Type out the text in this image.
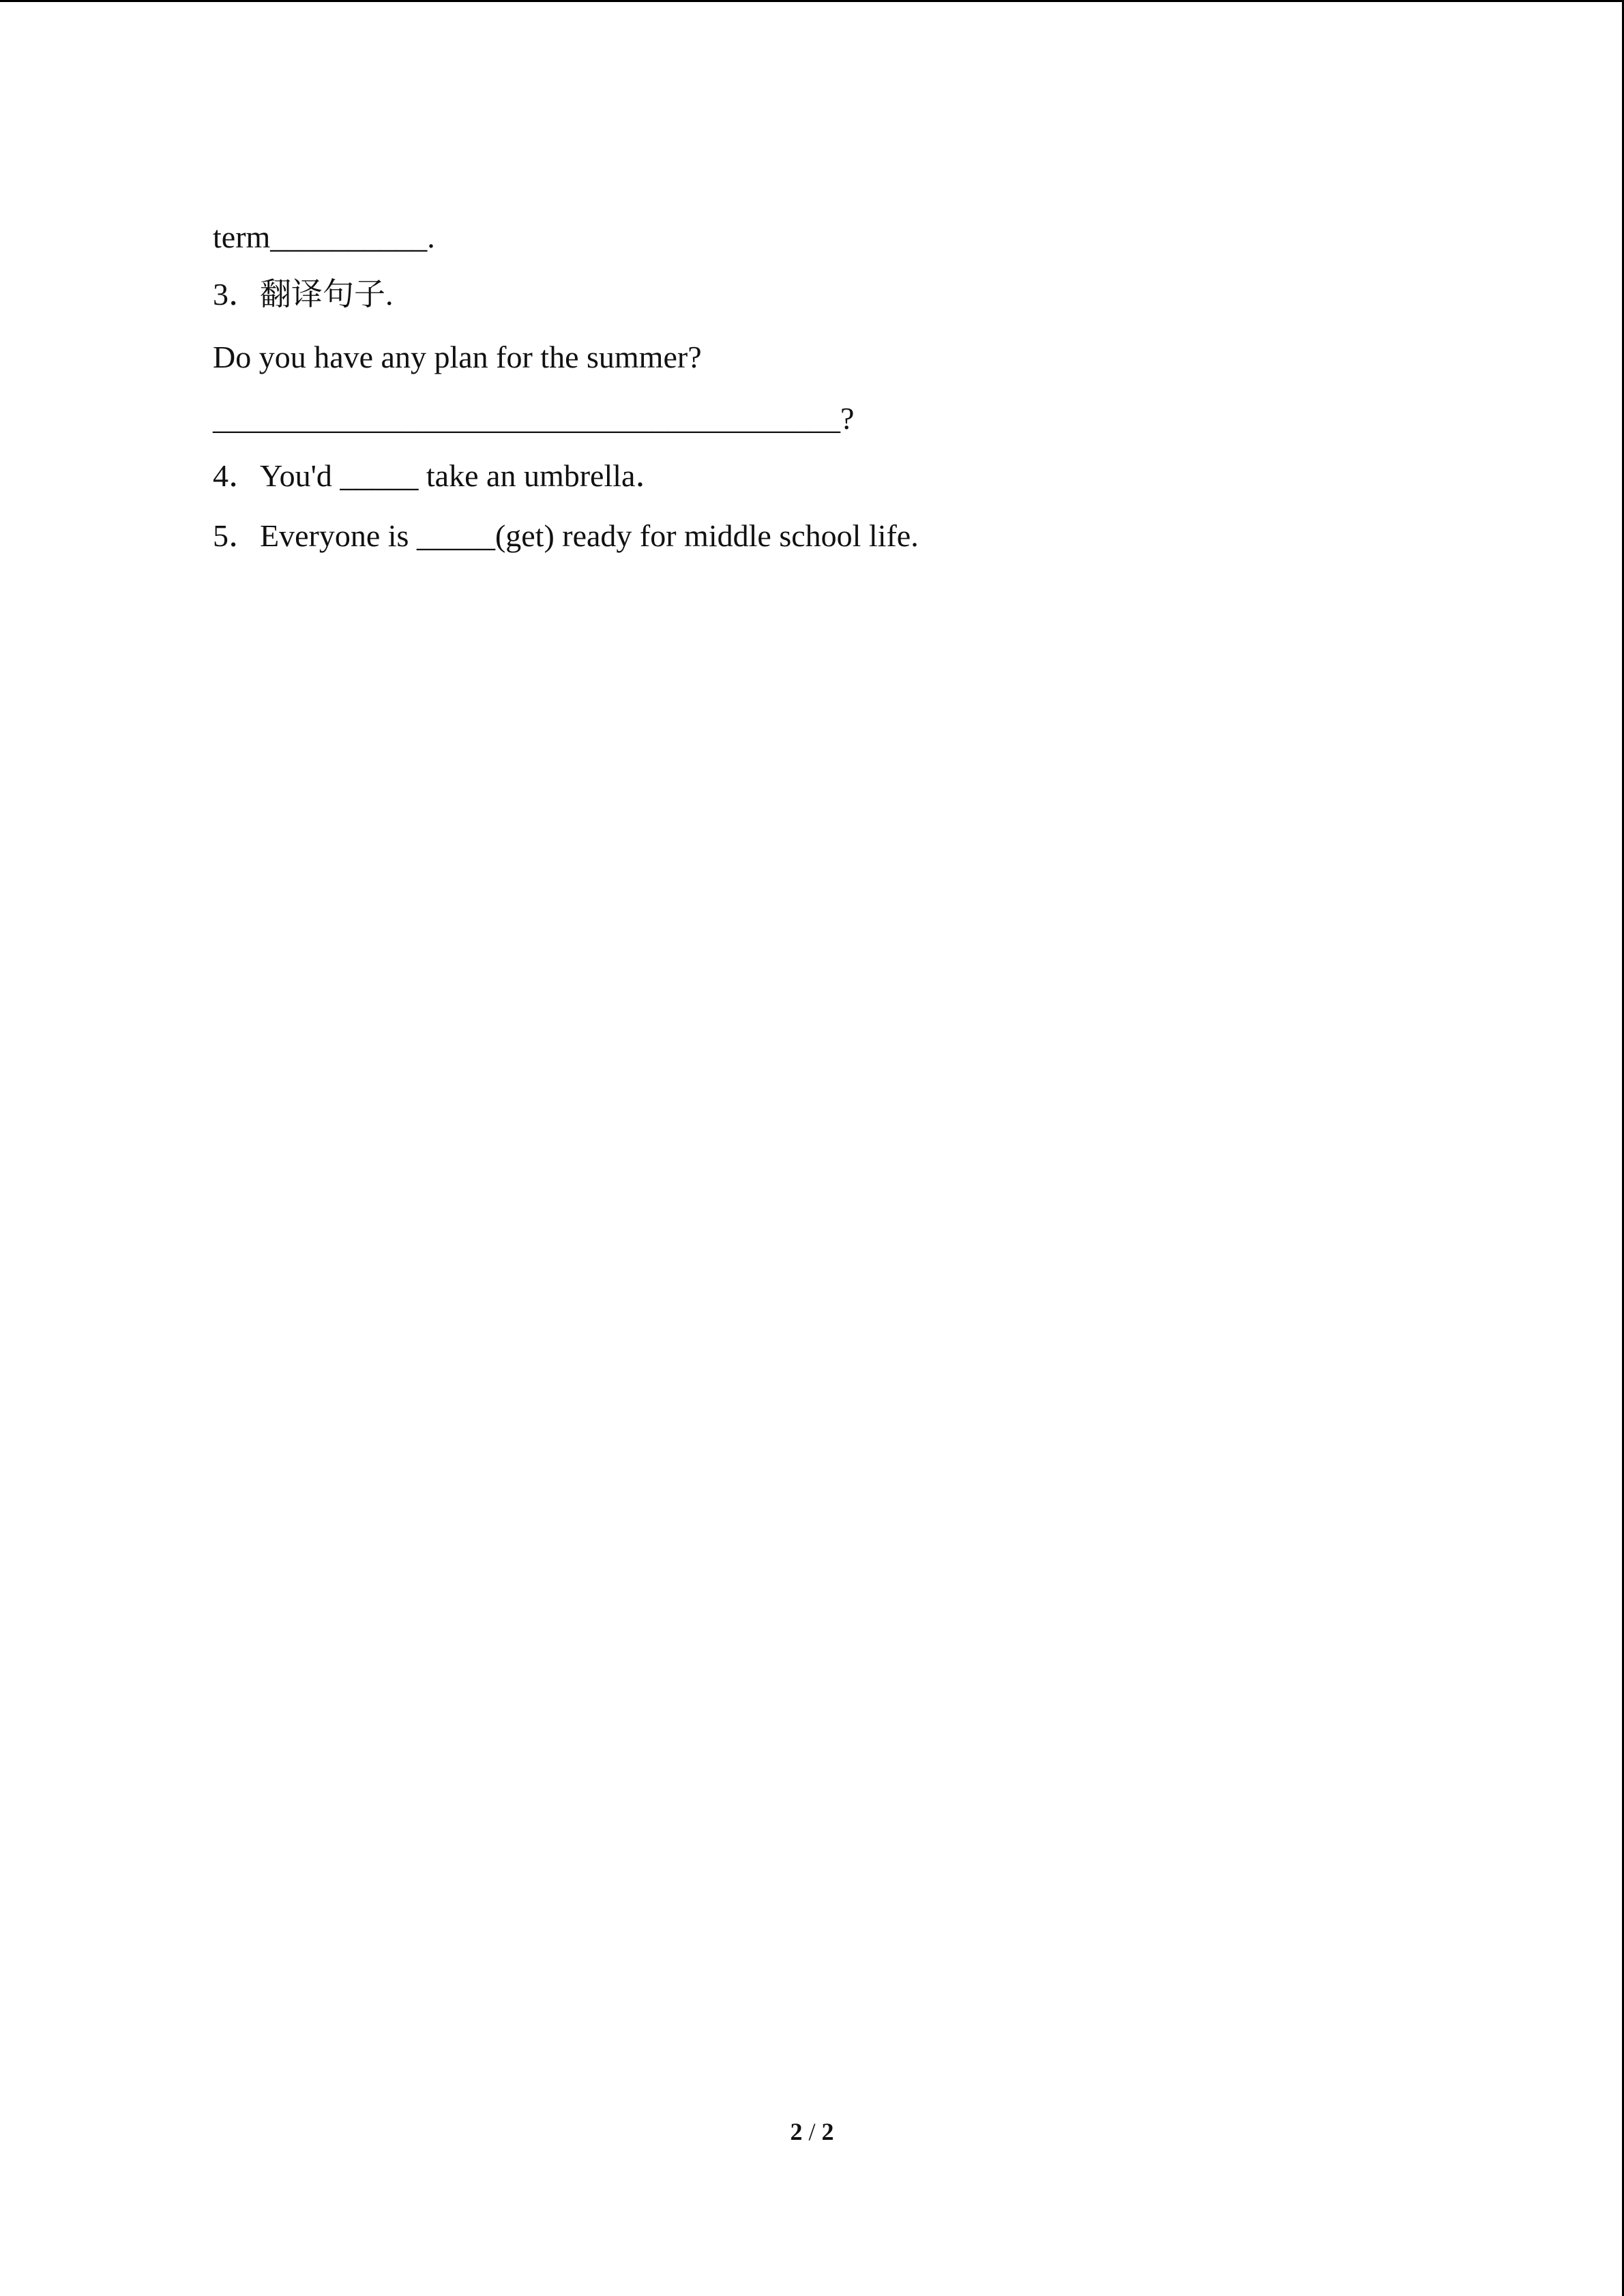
term__________.
3．翻译句子.
Do you have any plan for the summer?
________________________________________?
4．You'd _____ take an umbrella．
5．Everyone is _____(get) ready for middle school life.
2 / 2
